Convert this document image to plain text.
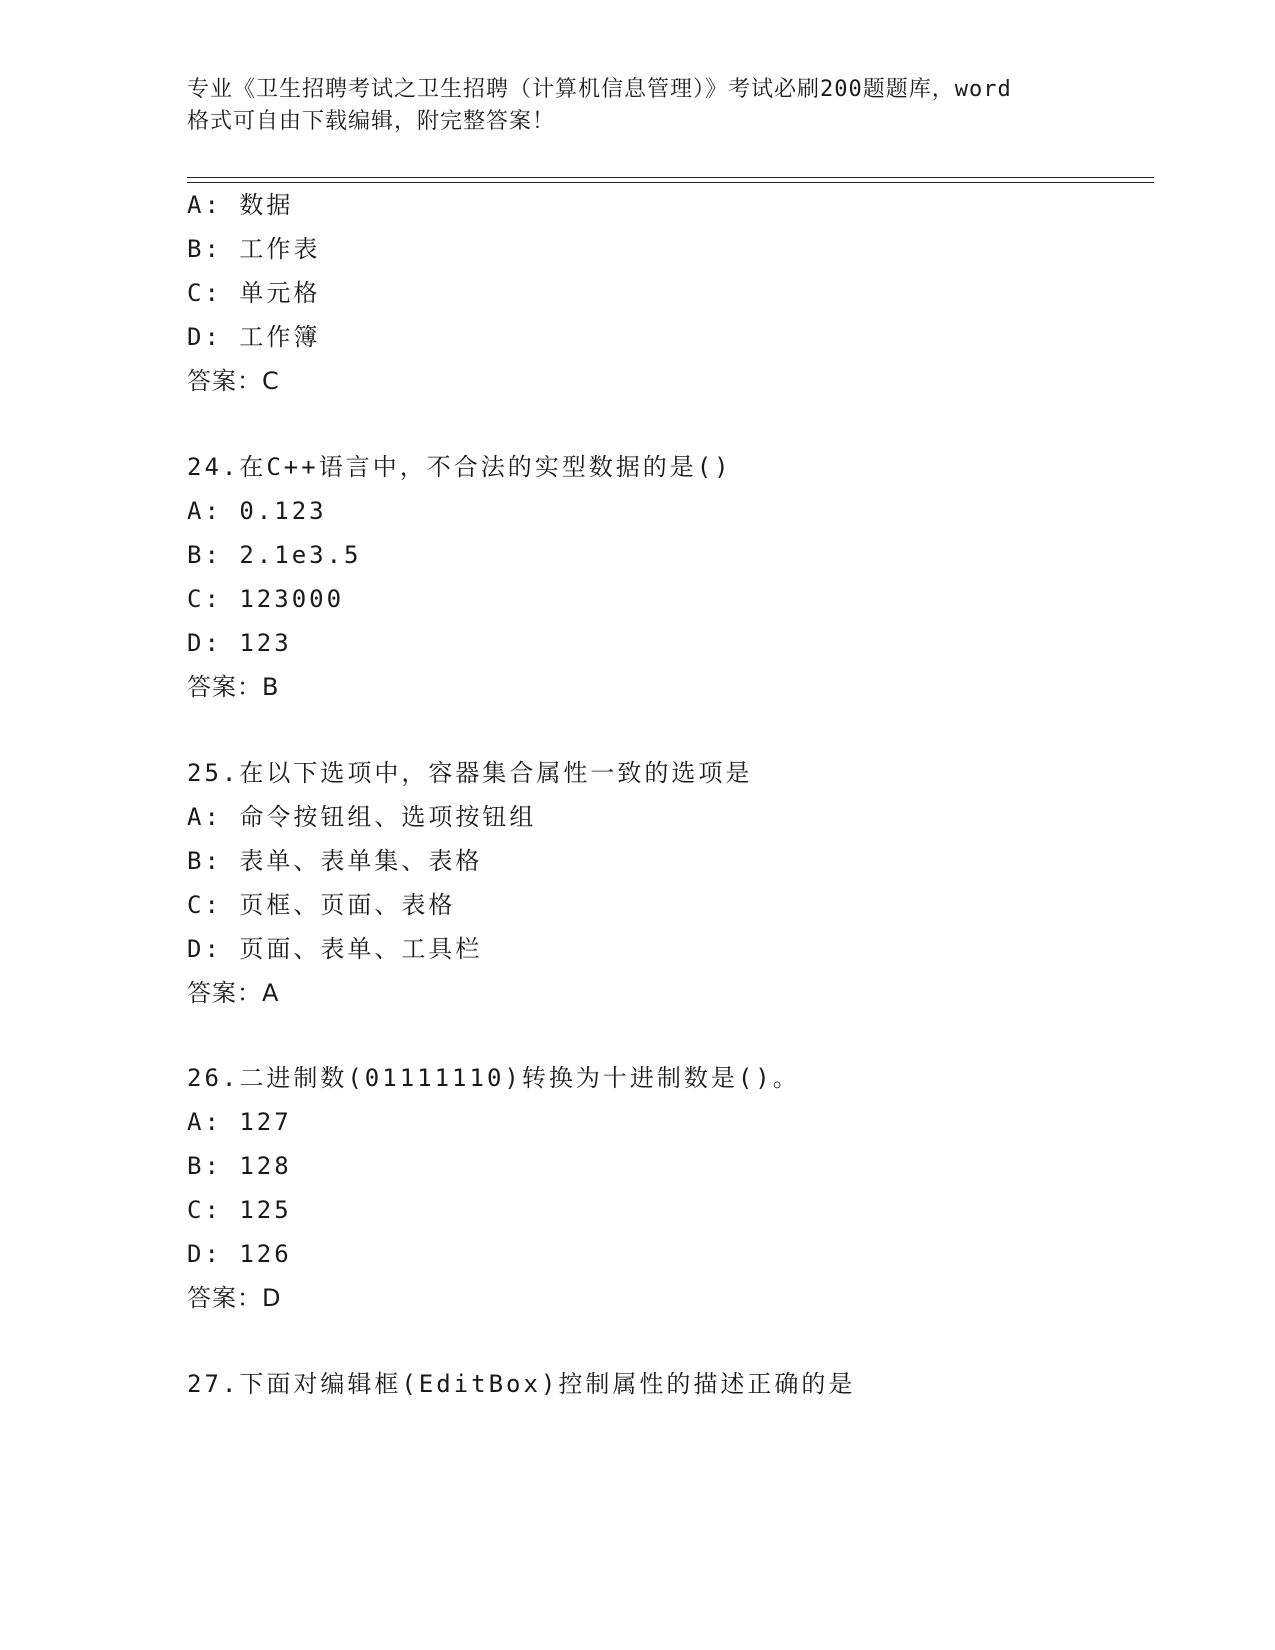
专业《卫生招聘考试之卫生招聘（计算机信息管理）》考试必刷200题题库，word
格式可自由下载编辑，附完整答案！
A: 数据
B: 工作表
C: 单元格
D: 工作簿
答案：C
24.在C++语言中，不合法的实型数据的是()
A: 0.123
B: 2.1e3.5
C: 123000
D: 123
答案：B
25.在以下选项中，容器集合属性一致的选项是
A: 命令按钮组、选项按钮组
B: 表单、表单集、表格
C: 页框、页面、表格
D: 页面、表单、工具栏
答案：A
26.二进制数(01111110)转换为十进制数是()。
A: 127
B: 128
C: 125
D: 126
答案：D
27.下面对编辑框(EditBox)控制属性的描述正确的是
